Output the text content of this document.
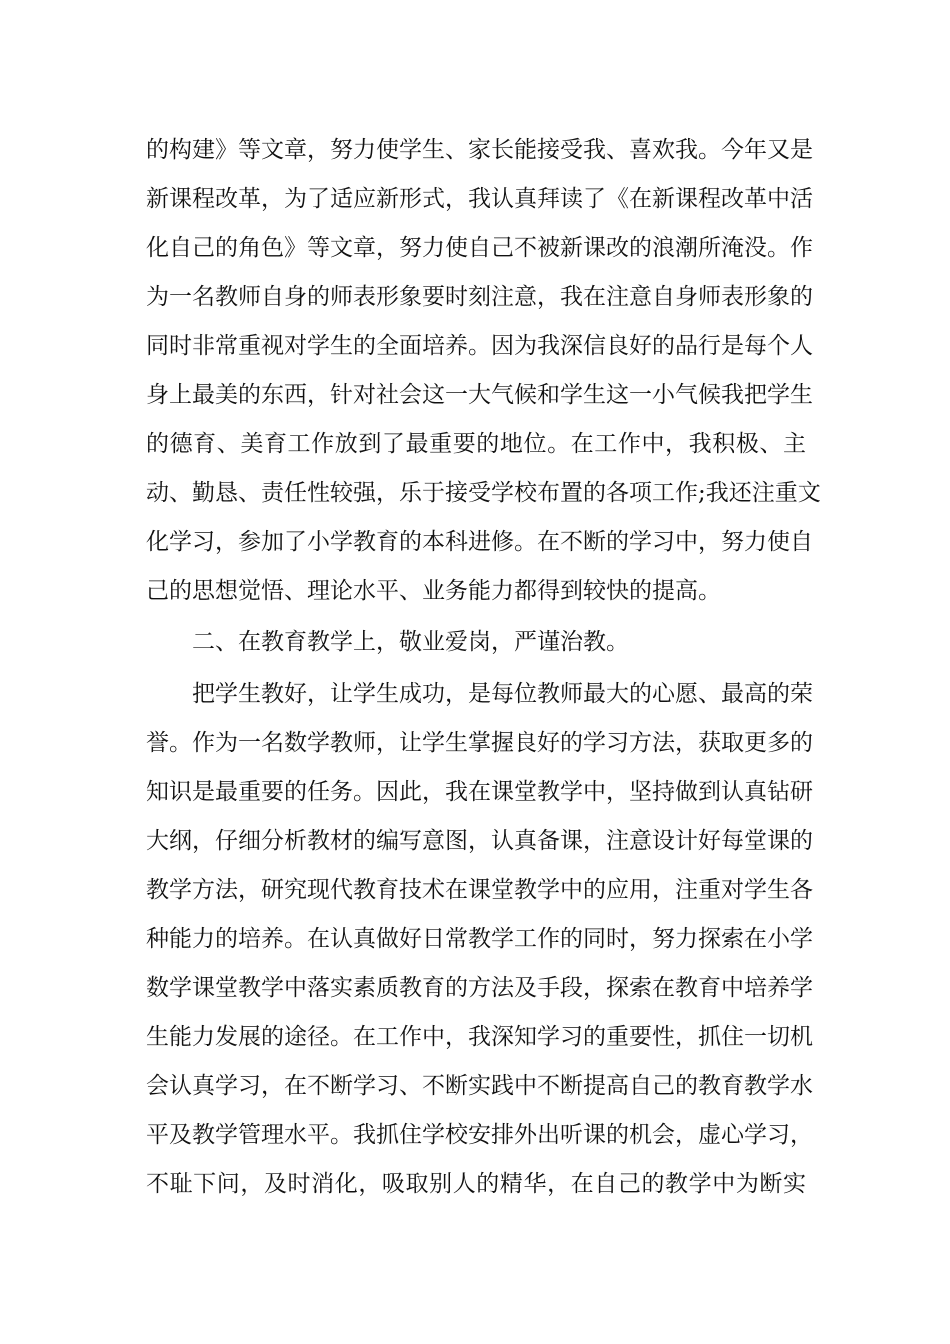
的构建》等文章，努力使学生、家长能接受我、喜欢我。今年又是
新课程改革，为了适应新形式，我认真拜读了《在新课程改革中活
化自己的角色》等文章，努力使自己不被新课改的浪潮所淹没。作
为一名教师自身的师表形象要时刻注意，我在注意自身师表形象的
同时非常重视对学生的全面培养。因为我深信良好的品行是每个人
身上最美的东西，针对社会这一大气候和学生这一小气候我把学生
的德育、美育工作放到了最重要的地位。在工作中，我积极、主
动、勤恳、责任性较强，乐于接受学校布置的各项工作;我还注重文
化学习，参加了小学教育的本科进修。在不断的学习中，努力使自
己的思想觉悟、理论水平、业务能力都得到较快的提高。
二、在教育教学上，敬业爱岗，严谨治教。
把学生教好，让学生成功，是每位教师最大的心愿、最高的荣
誉。作为一名数学教师，让学生掌握良好的学习方法，获取更多的
知识是最重要的任务。因此，我在课堂教学中，坚持做到认真钻研
大纲，仔细分析教材的编写意图，认真备课，注意设计好每堂课的
教学方法，研究现代教育技术在课堂教学中的应用，注重对学生各
种能力的培养。在认真做好日常教学工作的同时，努力探索在小学
数学课堂教学中落实素质教育的方法及手段，探索在教育中培养学
生能力发展的途径。在工作中，我深知学习的重要性，抓住一切机
会认真学习，在不断学习、不断实践中不断提高自己的教育教学水
平及教学管理水平。我抓住学校安排外出听课的机会，虚心学习，
不耻下问，及时消化，吸取别人的精华，在自己的教学中为断实
